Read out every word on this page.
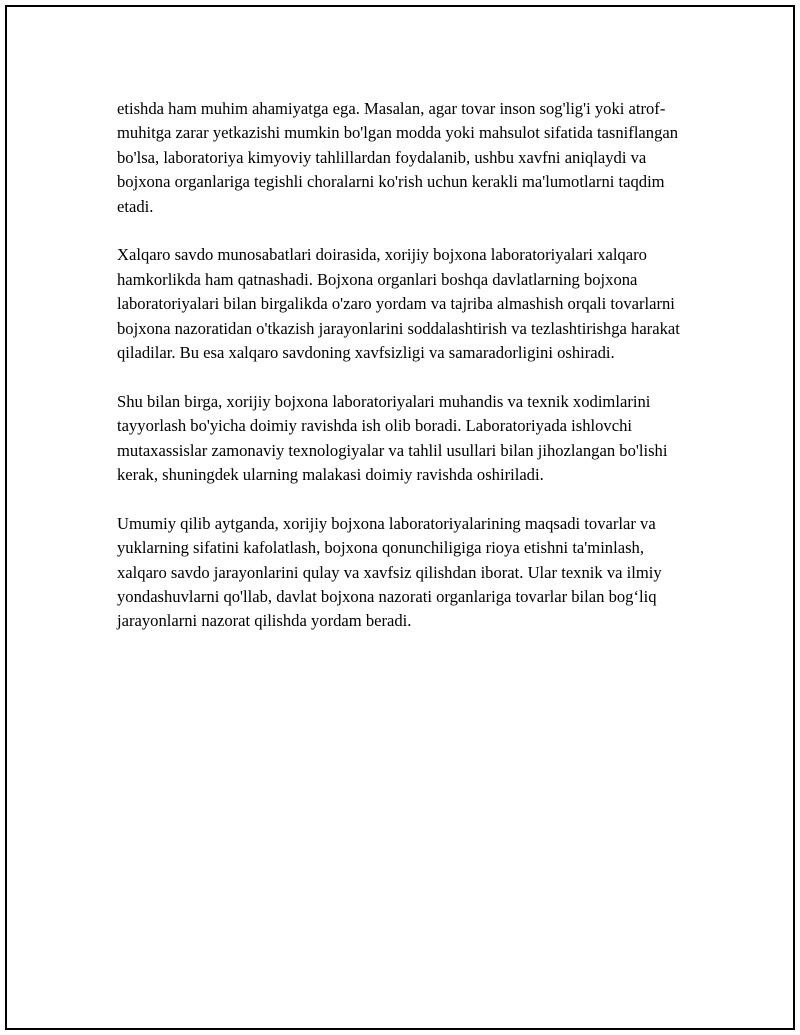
etishda ham muhim ahamiyatga ega. Masalan, agar tovar inson sog'lig'i yoki atrof-muhitga zarar yetkazishi mumkin bo'lgan modda yoki mahsulot sifatida tasniflangan bo'lsa, laboratoriya kimyoviy tahlillardan foydalanib, ushbu xavfni aniqlaydi va bojxona organlariga tegishli choralarni ko'rish uchun kerakli ma'lumotlarni taqdim etadi.

Xalqaro savdo munosabatlari doirasida, xorijiy bojxona laboratoriyalari xalqaro hamkorlikda ham qatnashadi. Bojxona organlari boshqa davlatlarning bojxona laboratoriyalari bilan birgalikda o'zaro yordam va tajriba almashish orqali tovarlarni bojxona nazoratidan o'tkazish jarayonlarini soddalashtirish va tezlashtirishga harakat qiladilar. Bu esa xalqaro savdoning xavfsizligi va samaradorligini oshiradi.

Shu bilan birga, xorijiy bojxona laboratoriyalari muhandis va texnik xodimlarini tayyorlash bo'yicha doimiy ravishda ish olib boradi. Laboratoriyada ishlovchi mutaxassislar zamonaviy texnologiyalar va tahlil usullari bilan jihozlangan bo'lishi kerak, shuningdek ularning malakasi doimiy ravishda oshiriladi.

Umumiy qilib aytganda, xorijiy bojxona laboratoriyalarining maqsadi tovarlar va yuklarning sifatini kafolatlash, bojxona qonunchiligiga rioya etishni ta'minlash, xalqaro savdo jarayonlarini qulay va xavfsiz qilishdan iborat. Ular texnik va ilmiy yondashuvlarni qo'llab, davlat bojxona nazorati organlariga tovarlar bilan bog‘liq jarayonlarni nazorat qilishda yordam beradi.
